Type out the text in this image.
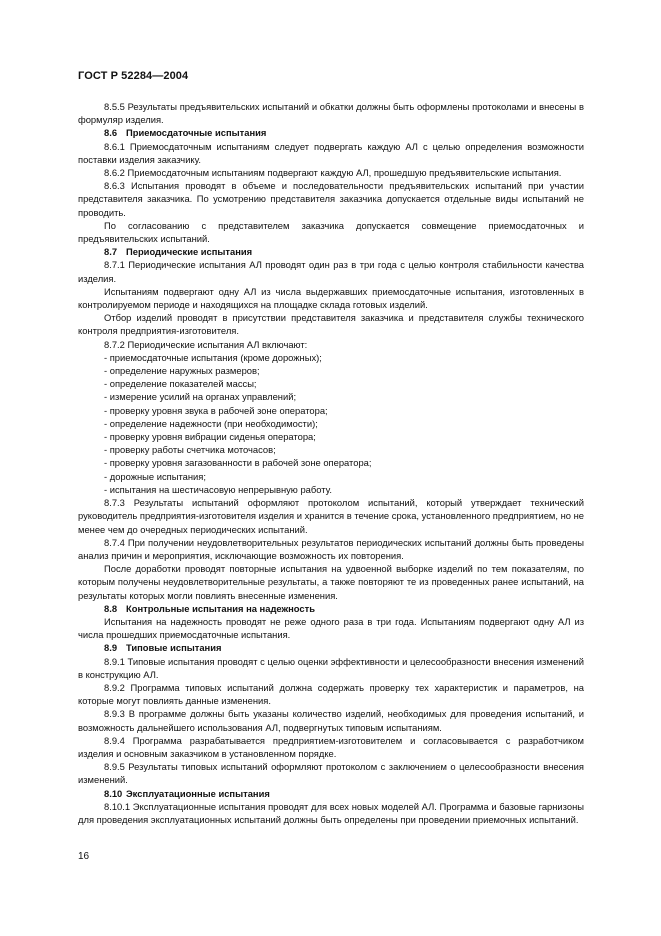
ГОСТ Р 52284—2004

8.5.5 Результаты предъявительских испытаний и обкатки должны быть оформлены протоколами и внесены в формуляр изделия.

8.6 Приемосдаточные испытания

8.6.1 Приемосдаточным испытаниям следует подвергать каждую АЛ с целью определения возможности поставки изделия заказчику.

8.6.2 Приемосдаточным испытаниям подвергают каждую АЛ, прошедшую предъявительские испытания.

8.6.3 Испытания проводят в объеме и последовательности предъявительских испытаний при участии представителя заказчика. По усмотрению представителя заказчика допускается отдельные виды испытаний не проводить.

По согласованию с представителем заказчика допускается совмещение приемосдаточных и предъявительских испытаний.

8.7 Периодические испытания

8.7.1 Периодические испытания АЛ проводят один раз в три года с целью контроля стабильности качества изделия.

Испытаниям подвергают одну АЛ из числа выдержавших приемосдаточные испытания, изготовленных в контролируемом периоде и находящихся на площадке склада готовых изделий.

Отбор изделий проводят в присутствии представителя заказчика и представителя службы технического контроля предприятия-изготовителя.

8.7.2 Периодические испытания АЛ включают:

- приемосдаточные испытания (кроме дорожных);

- определение наружных размеров;

- определение показателей массы;

- измерение усилий на органах управлений;

- проверку уровня звука в рабочей зоне оператора;

- определение надежности (при необходимости);

- проверку уровня вибрации сиденья оператора;

- проверку работы счетчика моточасов;

- проверку уровня загазованности в рабочей зоне оператора;

- дорожные испытания;

- испытания на шестичасовую непрерывную работу.

8.7.3 Результаты испытаний оформляют протоколом испытаний, который утверждает технический руководитель предприятия-изготовителя изделия и хранится в течение срока, установленного предприятием, но не менее чем до очередных периодических испытаний.

8.7.4 При получении неудовлетворительных результатов периодических испытаний должны быть проведены анализ причин и мероприятия, исключающие возможность их повторения.

После доработки проводят повторные испытания на удвоенной выборке изделий по тем показателям, по которым получены неудовлетворительные результаты, а также повторяют те из проведенных ранее испытаний, на результаты которых могли повлиять внесенные изменения.

8.8 Контрольные испытания на надежность

Испытания на надежность проводят не реже одного раза в три года. Испытаниям подвергают одну АЛ из числа прошедших приемосдаточные испытания.

8.9 Типовые испытания

8.9.1 Типовые испытания проводят с целью оценки эффективности и целесообразности внесения изменений в конструкцию АЛ.

8.9.2 Программа типовых испытаний должна содержать проверку тех характеристик и параметров, на которые могут повлиять данные изменения.

8.9.3 В программе должны быть указаны количество изделий, необходимых для проведения испытаний, и возможность дальнейшего использования АЛ, подвергнутых типовым испытаниям.

8.9.4 Программа разрабатывается предприятием-изготовителем и согласовывается с разработчиком изделия и основным заказчиком в установленном порядке.

8.9.5 Результаты типовых испытаний оформляют протоколом с заключением о целесообразности внесения изменений.

8.10 Эксплуатационные испытания

8.10.1 Эксплуатационные испытания проводят для всех новых моделей АЛ. Программа и базовые гарнизоны для проведения эксплуатационных испытаний должны быть определены при проведении приемочных испытаний.

16
